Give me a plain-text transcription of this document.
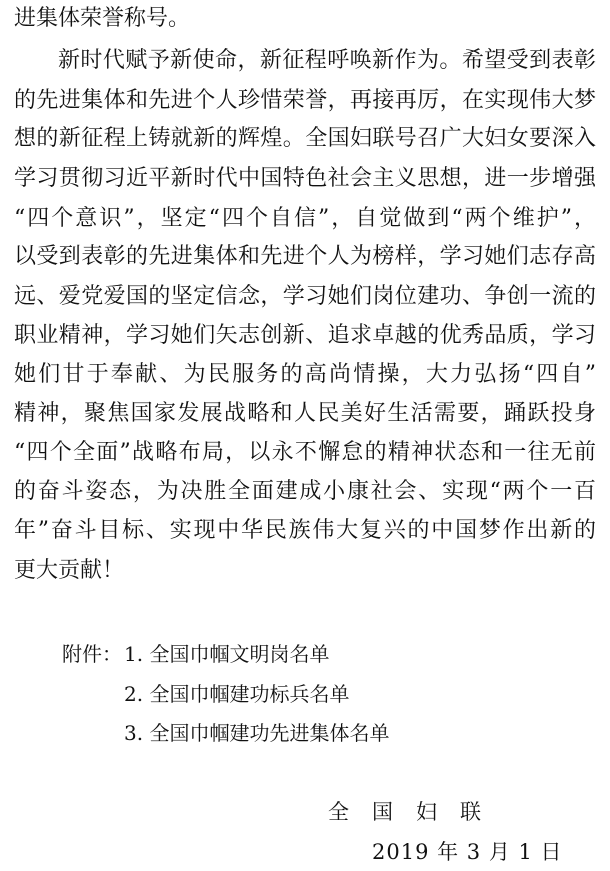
进集体荣誉称号。
新时代赋予新使命，新征程呼唤新作为。希望受到表彰
的先进集体和先进个人珍惜荣誉，再接再厉，在实现伟大梦
想的新征程上铸就新的辉煌。全国妇联号召广大妇女要深入
学习贯彻习近平新时代中国特色社会主义思想，进一步增强
“四个意识”，坚定“四个自信”，自觉做到“两个维护”，
以受到表彰的先进集体和先进个人为榜样，学习她们志存高
远、爱党爱国的坚定信念，学习她们岗位建功、争创一流的
职业精神，学习她们矢志创新、追求卓越的优秀品质，学习
她们甘于奉献、为民服务的高尚情操，大力弘扬“四自”
精神，聚焦国家发展战略和人民美好生活需要，踊跃投身
“四个全面”战略布局，以永不懈怠的精神状态和一往无前
的奋斗姿态，为决胜全面建成小康社会、实现“两个一百
年”奋斗目标、实现中华民族伟大复兴的中国梦作出新的
更大贡献！
附件： 1. 全国巾帼文明岗名单
2. 全国巾帼建功标兵名单
3. 全国巾帼建功先进集体名单
全　国　妇　联
2019 年 3 月 1 日
